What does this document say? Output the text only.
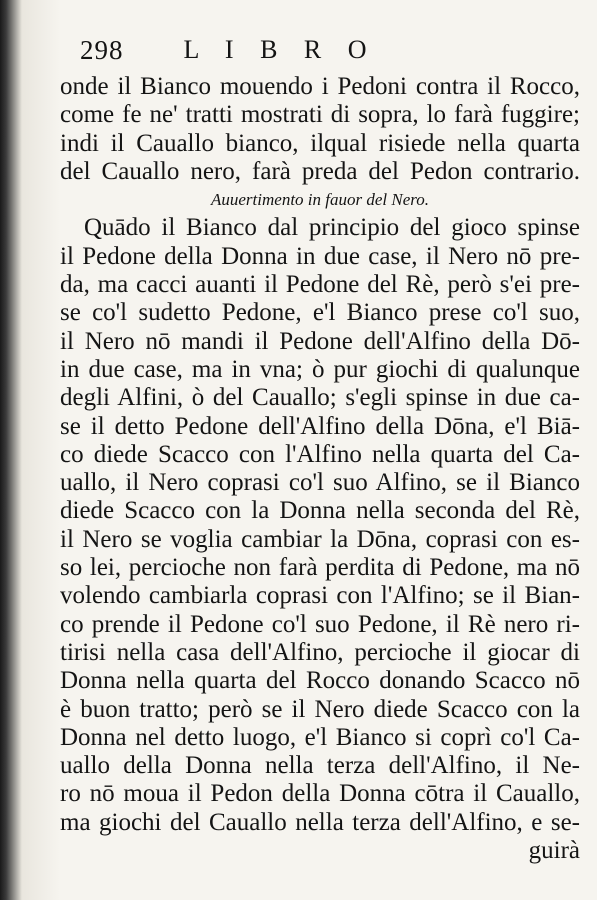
298 L I B R O
onde il Bianco mouendo i Pedoni contra il Rocco,
come fe ne' tratti mostrati di sopra, lo farà fuggire;
indi il Cauallo bianco, ilqual risiede nella quarta
del Cauallo nero, farà preda del Pedon contrario.
Auuertimento in fauor del Nero.
Quādo il Bianco dal principio del gioco spinse
il Pedone della Donna in due case, il Nero nō pre-
da, ma cacci auanti il Pedone del Rè, però s'ei pre-
se co'l sudetto Pedone, e'l Bianco prese co'l suo,
il Nero nō mandi il Pedone dell'Alfino della Dō-
in due case, ma in vna; ò pur giochi di qualunque
degli Alfini, ò del Cauallo; s'egli spinse in due ca-
se il detto Pedone dell'Alfino della Dōna, e'l Biā-
co diede Scacco con l'Alfino nella quarta del Ca-
uallo, il Nero coprasi co'l suo Alfino, se il Bianco
diede Scacco con la Donna nella seconda del Rè,
il Nero se voglia cambiar la Dōna, coprasi con es-
so lei, percioche non farà perdita di Pedone, ma nō
volendo cambiarla coprasi con l'Alfino; se il Bian-
co prende il Pedone co'l suo Pedone, il Rè nero ri-
tirisi nella casa dell'Alfino, percioche il giocar di
Donna nella quarta del Rocco donando Scacco nō
è buon tratto; però se il Nero diede Scacco con la
Donna nel detto luogo, e'l Bianco si coprì co'l Ca-
uallo della Donna nella terza dell'Alfino, il Ne-
ro nō moua il Pedon della Donna cōtra il Cauallo,
ma giochi del Cauallo nella terza dell'Alfino, e se-
guirà
